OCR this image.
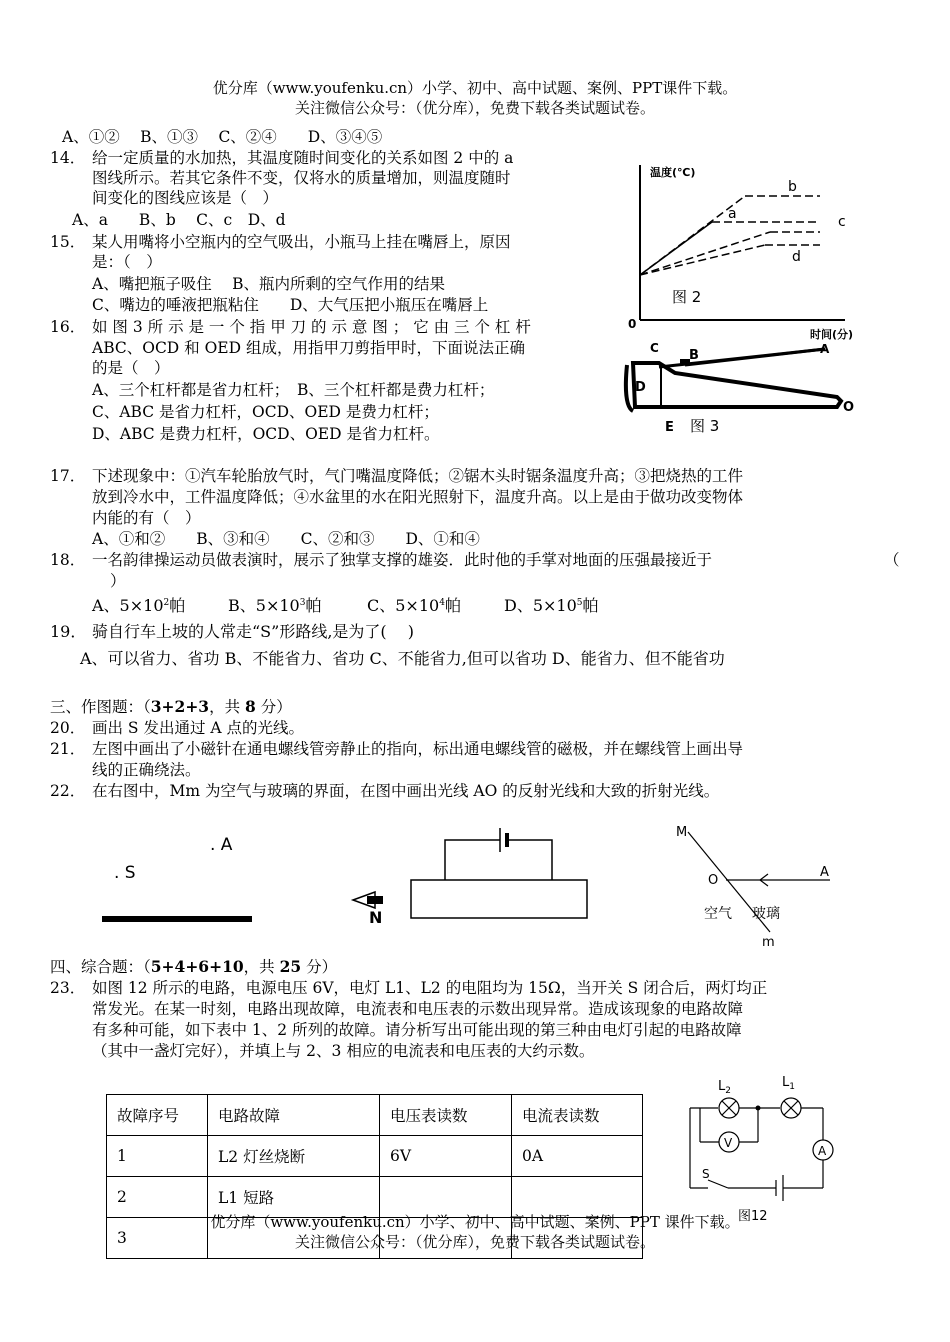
优分库（www.youfenku.cn）小学、初中、高中试题、案例、PPT课件下载。
关注微信公众号：（优分库），免费下载各类试题试卷。
A、①②　 B、①③　 C、②④　　D、③④⑤
14． 给一定质量的水加热，其温度随时间变化的关系如图 2 中的 a
图线所示。若其它条件不变，仅将水的质量增加，则温度随时
间变化的图线应该是（　）
A、a　　B、b　 C、c　D、d
15． 某人用嘴将小空瓶内的空气吸出，小瓶马上挂在嘴唇上，原因
是：（　）
A、嘴把瓶子吸住　 B、瓶内所剩的空气作用的结果
C、嘴边的唾液把瓶粘住　　D、大气压把小瓶压在嘴唇上
16． 如 图 3 所 示 是 一 个 指 甲 刀 的 示 意 图 ； 它 由 三 个 杠 杆
ABC、OCD 和 OED 组成，用指甲刀剪指甲时，下面说法正确
的是（　）
A、三个杠杆都是省力杠杆；　B、三个杠杆都是费力杠杆；
C、ABC 是省力杠杆，OCD、OED 是费力杠杆；
D、ABC 是费力杠杆，OCD、OED 是省力杠杆。
温度(℃)
时间(分)
0
图 2
a
b
c
d
C B	A
D
O
E 图 3
17． 下述现象中：①汽车轮胎放气时，气门嘴温度降低；②锯木头时锯条温度升高；③把烧热的工件
放到冷水中，工件温度降低；④水盆里的水在阳光照射下，温度升高。以上是由于做功改变物体
内能的有（　）
A、①和②　　B、③和④　　C、②和③　　D、①和④
18． 一名韵律操运动员做表演时，展示了独掌支撑的雄姿．此时他的手掌对地面的压强最接近于	（
）
A、$5\times 10^2$帕	B、$5\times 10^3$帕	C、$5\times 10^4$帕	D、$5\times 10^5$帕
19． 骑自行车上坡的人常走“S”形路线,是为了(　 )
A、可以省力、省功 B、不能省力、省功 C、不能省力,但可以省功 D、能省力、但不能省功
三、作图题：（3+2+3，共 8 分）
20． 画出 S 发出通过 A 点的光线。
21． 左图中画出了小磁针在通电螺线管旁静止的指向，标出通电螺线管的磁极，并在螺线管上画出导
线的正确绕法。
22． 在右图中，Mm 为空气与玻璃的界面，在图中画出光线 AO 的反射光线和大致的折射光线。
. A
. S
N
M
O
A
空气 玻璃
m
四、综合题：（5+4+6+10，共 25 分）
23． 如图 12 所示的电路，电源电压 6V，电灯 L1、L2 的电阻均为 15Ω，当开关 S 闭合后，两灯均正
常发光。在某一时刻，电路出现故障，电流表和电压表的示数出现异常。造成该现象的电路故障
有多种可能，如下表中 1、2 所列的故障。请分析写出可能出现的第三种由电灯引起的电路故障
（其中一盏灯完好），并填上与 2、3 相应的电流表和电压表的大约示数。
故障序号	电路故障	电压表读数	电流表读数
1	L2 灯丝烧断	6V	0A
2	L1 短路		
3			
$L_2$
$L_1$
A
S
V
图12
优分库（www.youfenku.cn）小学、初中、高中试题、案例、PPT 课件下载。
关注微信公众号：（优分库），免费下载各类试题试卷。
